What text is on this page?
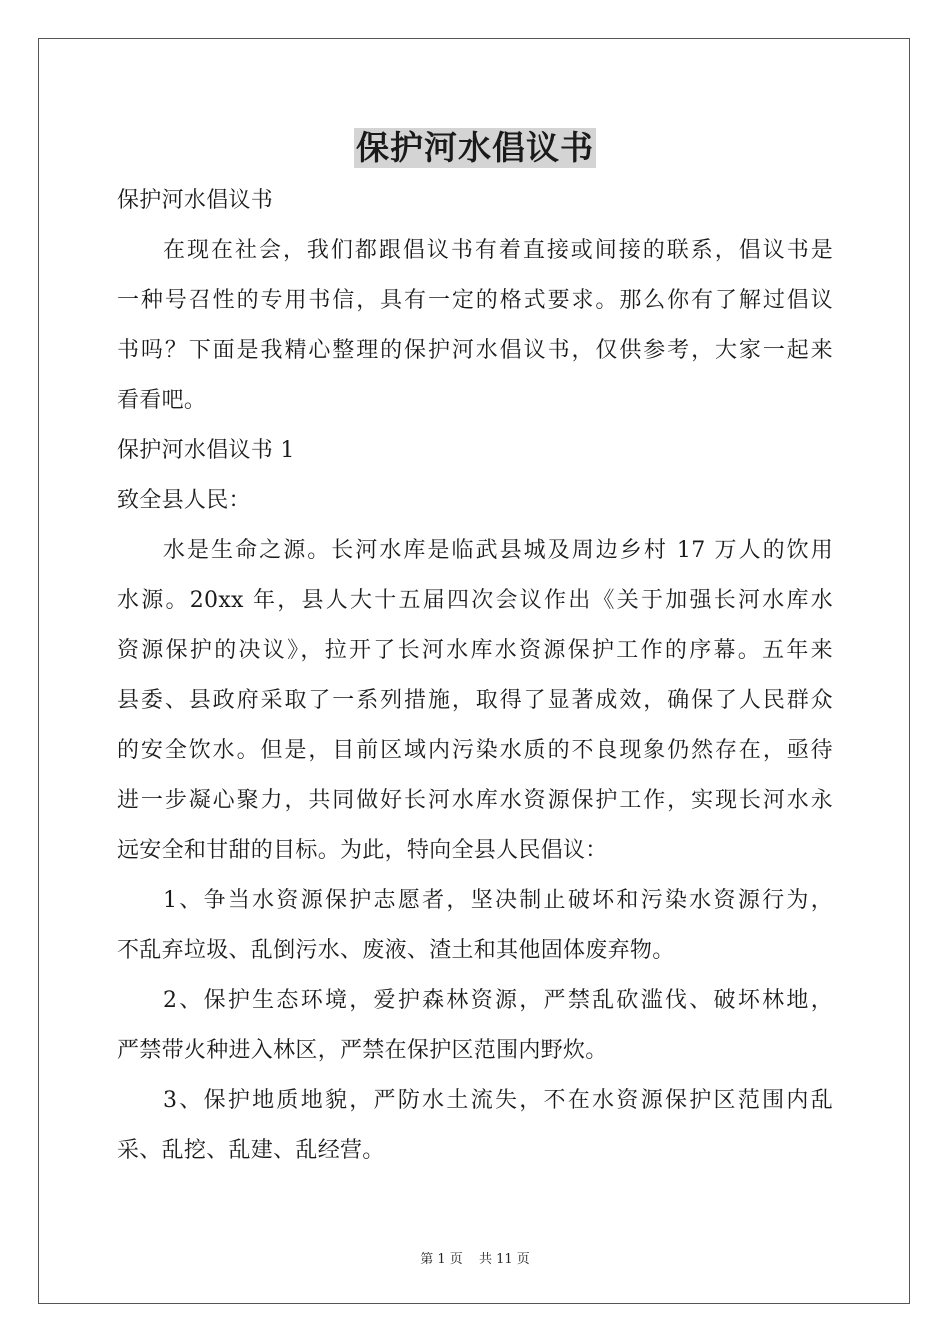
保护河水倡议书

保护河水倡议书

在现在社会，我们都跟倡议书有着直接或间接的联系，倡议书是

一种号召性的专用书信，具有一定的格式要求。那么你有了解过倡议

书吗？下面是我精心整理的保护河水倡议书，仅供参考，大家一起来

看看吧。

保护河水倡议书 1

致全县人民：

水是生命之源。长河水库是临武县城及周边乡村 17 万人的饮用

水源。20xx 年，县人大十五届四次会议作出《关于加强长河水库水

资源保护的决议》，拉开了长河水库水资源保护工作的序幕。五年来

县委、县政府采取了一系列措施，取得了显著成效，确保了人民群众

的安全饮水。但是，目前区域内污染水质的不良现象仍然存在，亟待

进一步凝心聚力，共同做好长河水库水资源保护工作，实现长河水永

远安全和甘甜的目标。为此，特向全县人民倡议：

1、争当水资源保护志愿者，坚决制止破坏和污染水资源行为，

不乱弃垃圾、乱倒污水、废液、渣土和其他固体废弃物。

2、保护生态环境，爱护森林资源，严禁乱砍滥伐、破坏林地，

严禁带火种进入林区，严禁在保护区范围内野炊。

3、保护地质地貌，严防水土流失，不在水资源保护区范围内乱

采、乱挖、乱建、乱经营。

第 1 页 共 11 页
